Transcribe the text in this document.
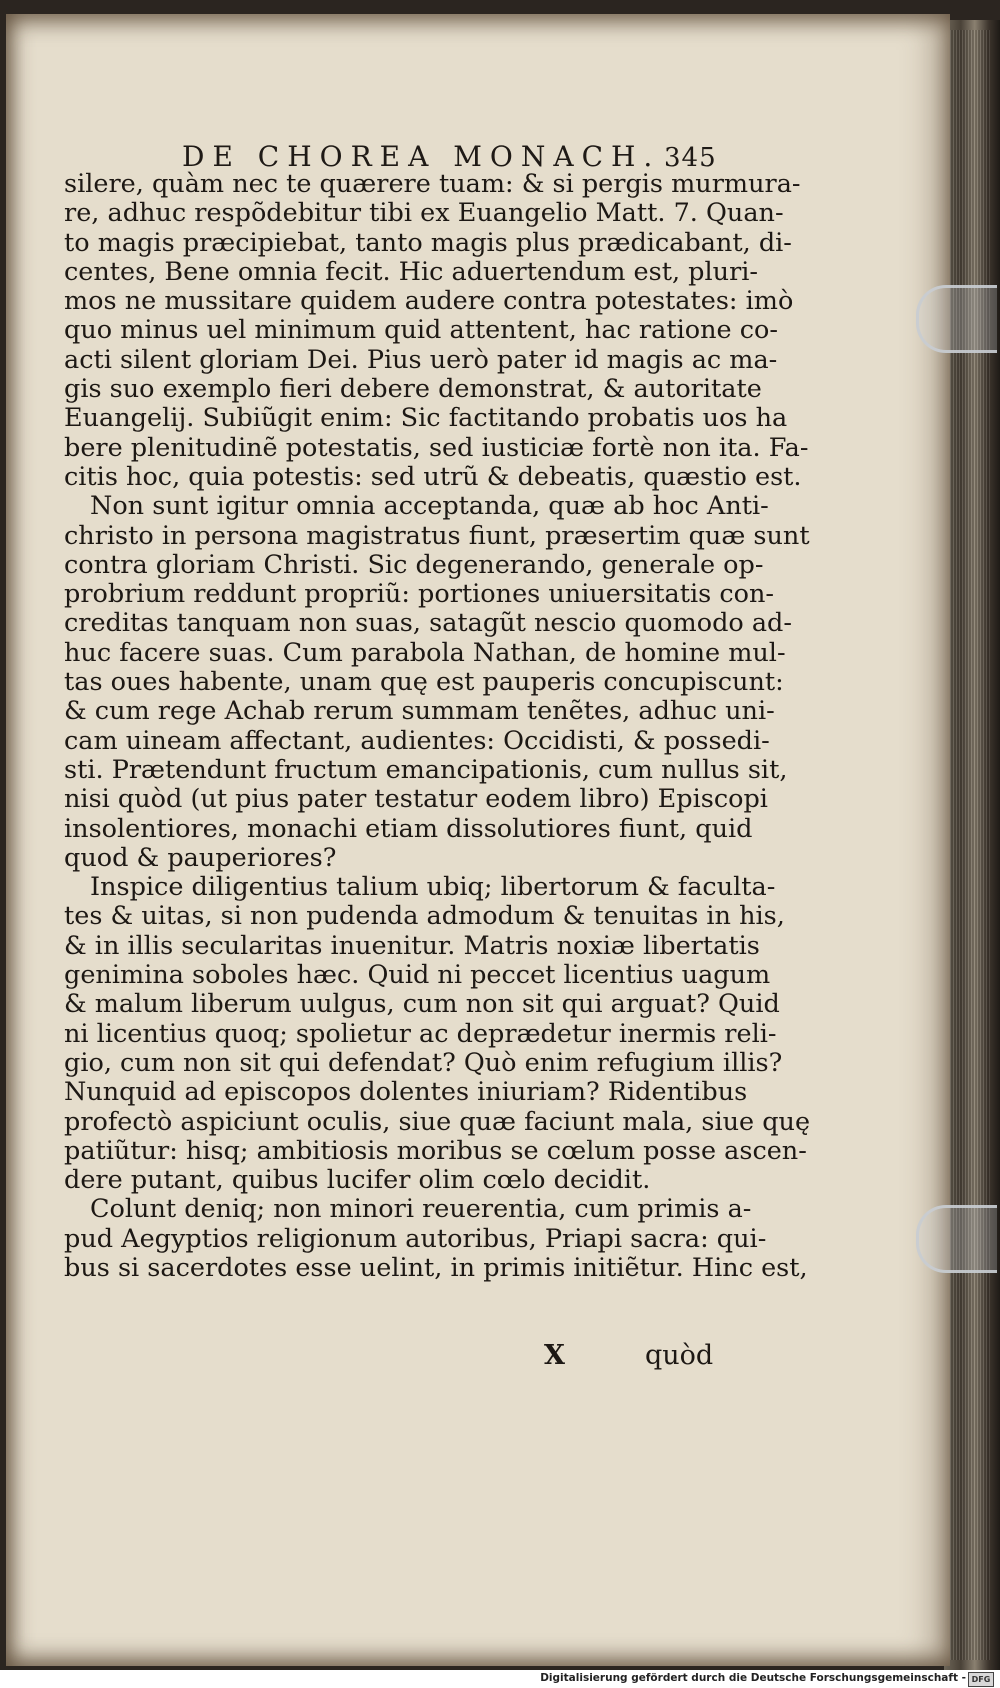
DE CHOREA MONACH. 345
silere, quàm nec te quærere tuam: & si pergis murmura-
re, adhuc respõdebitur tibi ex Euangelio Matt. 7. Quan-
to magis præcipiebat, tanto magis plus prædicabant, di-
centes, Bene omnia fecit. Hic aduertendum est, pluri-
mos ne mussitare quidem audere contra potestates: imò
quo minus uel minimum quid attentent, hac ratione co-
acti silent gloriam Dei. Pius uerò pater id magis ac ma-
gis suo exemplo fieri debere demonstrat, & autoritate
Euangelij. Subiũgit enim: Sic factitando probatis uos ha
bere plenitudinẽ potestatis, sed iusticiæ fortè non ita. Fa-
citis hoc, quia potestis: sed utrũ & debeatis, quæstio est.
Non sunt igitur omnia acceptanda, quæ ab hoc Anti-
christo in persona magistratus fiunt, præsertim quæ sunt
contra gloriam Christi. Sic degenerando, generale op-
probrium reddunt propriũ: portiones uniuersitatis con-
creditas tanquam non suas, satagũt nescio quomodo ad-
huc facere suas. Cum parabola Nathan, de homine mul-
tas oues habente, unam quę est pauperis concupiscunt:
& cum rege Achab rerum summam tenẽtes, adhuc uni-
cam uineam affectant, audientes: Occidisti, & possedi-
sti. Prætendunt fructum emancipationis, cum nullus sit,
nisi quòd (ut pius pater testatur eodem libro) Episcopi
insolentiores, monachi etiam dissolutiores fiunt, quid
quod & pauperiores?
Inspice diligentius talium ubiq; libertorum & faculta-
tes & uitas, si non pudenda admodum & tenuitas in his,
& in illis secularitas inuenitur. Matris noxiæ libertatis
genimina soboles hæc. Quid ni peccet licentius uagum
& malum liberum uulgus, cum non sit qui arguat? Quid
ni licentius quoq; spolietur ac deprædetur inermis reli-
gio, cum non sit qui defendat? Quò enim refugium illis?
Nunquid ad episcopos dolentes iniuriam? Ridentibus
profectò aspiciunt oculis, siue quæ faciunt mala, siue quę
patiũtur: hisq; ambitiosis moribus se cœlum posse ascen-
dere putant, quibus lucifer olim cœlo decidit.
Colunt deniq; non minori reuerentia, cum primis a-
pud Aegyptios religionum autoribus, Priapi sacra: qui-
bus si sacerdotes esse uelint, in primis initiẽtur. Hinc est,
X	quòd
Digitalisierung gefördert durch die Deutsche Forschungsgemeinschaft - DFG
